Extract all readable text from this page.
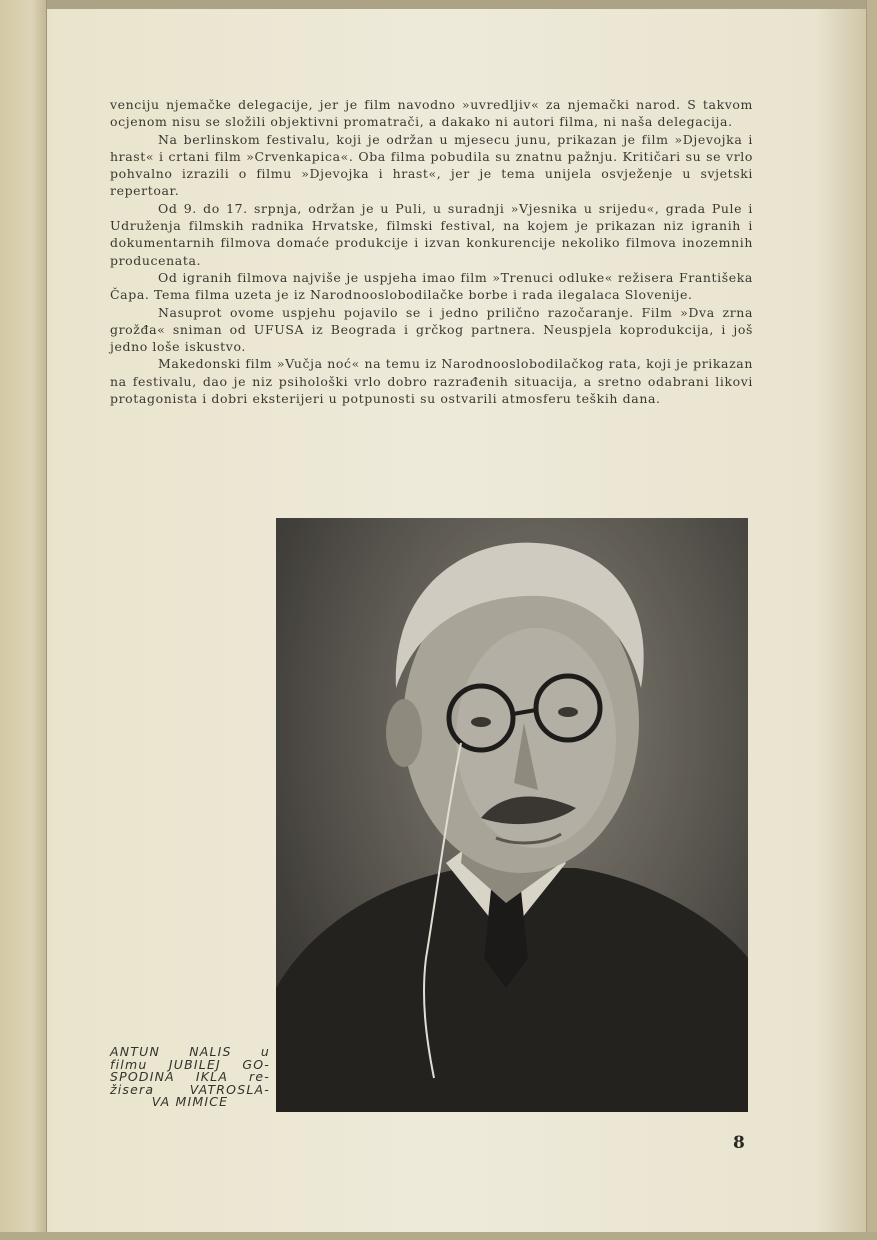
venciju njemačke delegacije, jer je film navodno »uvredljiv« za njemački narod. S takvom ocjenom nisu se složili objektivni promatrači, a dakako ni autori filma, ni naša delegacija.

Na berlinskom festivalu, koji je održan u mjesecu junu, prikazan je film »Djevojka i hrast« i crtani film »Crvenkapica«. Oba filma pobudila su znatnu pažnju. Kritičari su se vrlo pohvalno izrazili o filmu »Djevojka i hrast«, jer je tema unijela osvježenje u svjetski repertoar.

Od 9. do 17. srpnja, održan je u Puli, u suradnji »Vjesnika u srijedu«, grada Pule i Udruženja filmskih radnika Hrvatske, filmski festival, na kojem je prikazan niz igranih i dokumentarnih filmova domaće produkcije i izvan konkurencije nekoliko filmova inozemnih producenata.

Od igranih filmova najviše je uspjeha imao film »Trenuci odluke« režisera Františeka Čapa. Tema filma uzeta je iz Narodnooslobodilačke borbe i rada ilegalaca Slovenije.

Nasuprot ovome uspjehu pojavilo se i jedno prilično razočaranje. Film »Dva zrna grožđa« sniman od UFUSA iz Beograda i grčkog partnera. Neuspjela koprodukcija, i još jedno loše iskustvo.

Makedonski film »Vučja noć« na temu iz Narodnooslobodilačkog rata, koji je prikazan na festivalu, dao je niz psihološki vrlo dobro razrađenih situacija, a sretno odabrani likovi protagonista i dobri eksterijeri u potpunosti su ostvarili atmosferu teških dana.

ANTUN NALIS u
filmu JUBILEJ GO-
SPODINA IKLA re-
žisera VATROSLA-
VA MIMICE
8
